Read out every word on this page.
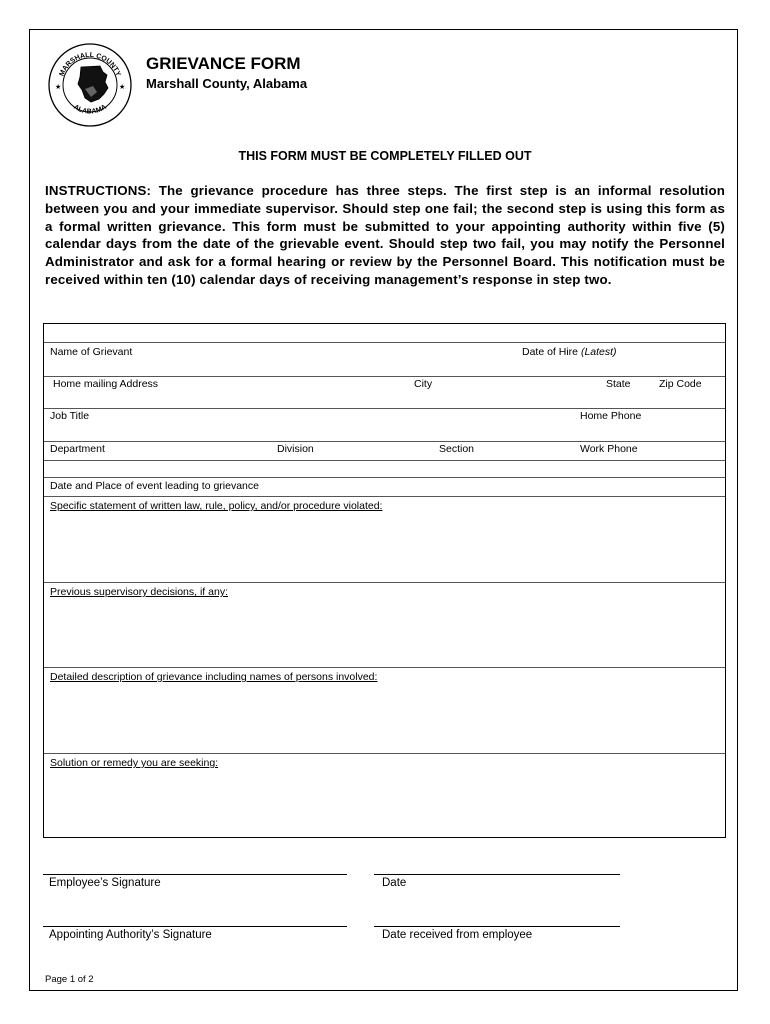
MARSHALL COUNTY
ALABAMA
★	★
GRIEVANCE FORM
Marshall County, Alabama
THIS FORM MUST BE COMPLETELY FILLED OUT
INSTRUCTIONS: The grievance procedure has three steps. The first step is an informal resolution between you and your immediate supervisor. Should step one fail; the second step is using this form as a formal written grievance. This form must be submitted to your appointing authority within five (5) calendar days from the date of the grievable event. Should step two fail, you may notify the Personnel Administrator and ask for a formal hearing or review by the Personnel Board. This notification must be received within ten (10) calendar days of receiving management’s response in step two.
Name of Grievant	Date of Hire (Latest)
Home mailing Address	City	State	Zip Code
Job Title	Home Phone
Department	Division	Section	Work Phone
Date and Place of event leading to grievance
Specific statement of written law, rule, policy, and/or procedure violated:
Previous supervisory decisions, if any:
Detailed description of grievance including names of persons involved:
Solution or remedy you are seeking:
Employee’s Signature	Date
Appointing Authority’s Signature	Date received from employee
Page 1 of 2
